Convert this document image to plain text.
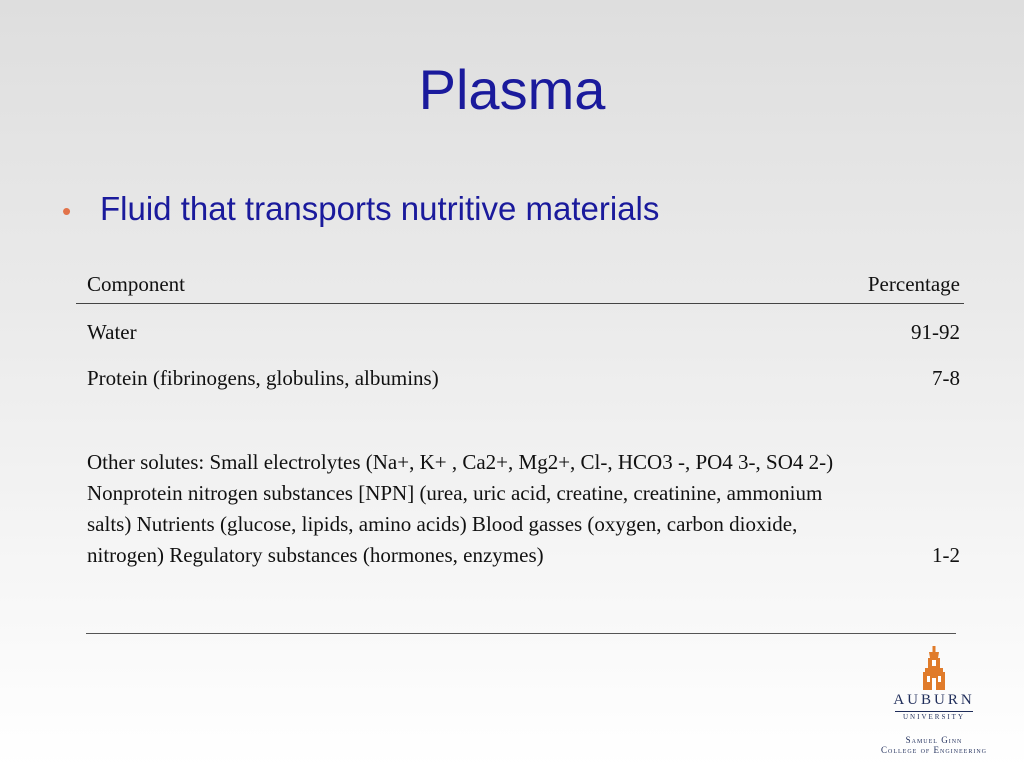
Plasma
• Fluid that transports nutritive materials
Component	Percentage
Water	91-92
Protein (fibrinogens, globulins, albumins)	7-8
Other solutes: Small electrolytes (Na+, K+ , Ca2+, Mg2+, Cl-, HCO3 -, PO4 3-, SO4 2-) Nonprotein nitrogen substances [NPN] (urea, uric acid, creatine, creatinine, ammonium salts) Nutrients (glucose, lipids, amino acids) Blood gasses (oxygen, carbon dioxide, nitrogen) Regulatory substances (hormones, enzymes)	1-2
AUBURN
UNIVERSITY
Samuel Ginn
College of Engineering
